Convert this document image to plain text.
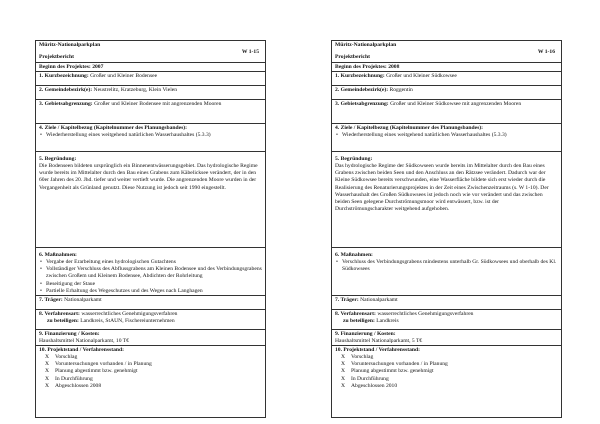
Müritz-Nationalparkplan
Projektbericht
W 1-15
Beginn des Projektes: 2007
1. Kurzbezeichnung: Großer und Kleiner Bodensee
2. Gemeindebezirk(e): Neustrelitz, Kratzeburg, Klein Vielen
3. Gebietsabgrenzung: Großer und Kleiner Bodensee mit angrenzenden Mooren
4. Ziele / Kapitelbezug (Kapitelnummer des Planungsbandes):
• Wiederherstellung eines weitgehend natürlichen Wasserhaushaltes (5.3.3)
5. Begründung:

Die Bodenseen bildeten ursprünglich ein Binnenentwässerungsgebiet. Das hydrologische Regime wurde bereits im Mittelalter durch den Bau eines Grabens zum Käbelicksee verändert, der in den 60er Jahren des 20. Jhd. tiefer und weiter vertieft wurde. Die angrenzenden Moore wurden in der Vergangenheit als Grünland genutzt. Diese Nutzung ist jedoch seit 1990 eingestellt.

6. Maßnahmen:
• Vergabe der Erarbeitung eines hydrologischen Gutachtens
• Vollständiger Verschluss des Abflussgrabens am Kleinen Bodensee und des Verbindungsgrabens zwischen Großem und Kleinem Bodensee, Abdichten der Rohrleitung
• Beseitigung der Staue
• Partielle Erhaltung des Wegeschutzes und des Weges nach Langhagen
7. Träger: Nationalparkamt
8. Verfahrensart: wasserrechtliches Genehmigungsverfahren
zu beteiligen: Landkreis, StAUN, Fischereiunternehmen
9. Finanzierung / Kosten:
Haushaltsmittel Nationalparkamt, 10 T€
10. Projektstand / Verfahrensstand:
X Vorschlag
X Voruntersuchungen vorhanden / in Planung
X Planung abgestimmt bzw. genehmigt
X In Durchführung
X Abgeschlossen 2008
Müritz-Nationalparkplan
Projektbericht
W 1-16
Beginn des Projektes: 2008
1. Kurzbezeichnung: Großer und Kleiner Südkowsee
2. Gemeindebezirk(e): Roggentin
3. Gebietsabgrenzung: Großer und Kleiner Südkowsee mit angrenzenden Mooren
4. Ziele / Kapitelbezug (Kapitelnummer des Planungsbandes):
• Wiederherstellung eines weitgehend natürlichen Wasserhaushaltes (5.3.3)
5. Begründung:

Das hydrologische Regime der Südkowseen wurde bereits im Mittelalter durch den Bau eines Grabens zwischen beiden Seen und den Anschluss an den Rätzsee verändert. Dadurch war der Kleine Südkowsee bereits verschwunden, eine Wasserfläche bildete sich erst wieder durch die Realisierung des Renaturierungsprojektes in der Zeit eines Zwischenzeitraums (s. W 1-10). Der Wasserhaushalt des Großen Südkowsees ist jedoch noch wie vor verändert und das zwischen beiden Seen gelegene Durchströmungsmoor wird entwässert, bzw. ist der Durchströmungscharakter weitgehend aufgehoben.

6. Maßnahmen:
• Verschluss des Verbindungsgrabens mindestens unterhalb Gr. Südkowsees und oberhalb des Kl. Südkowsees
7. Träger: Nationalparkamt
8. Verfahrensart: wasserrechtliches Genehmigungsverfahren
zu beteiligen: Landkreis
9. Finanzierung / Kosten:
Haushaltsmittel Nationalparkamt, 5 T€
10. Projektstand / Verfahrensstand:
X Vorschlag
X Voruntersuchungen vorhanden / in Planung
X Planung abgestimmt bzw. genehmigt
X In Durchführung
X Abgeschlossen 2010
